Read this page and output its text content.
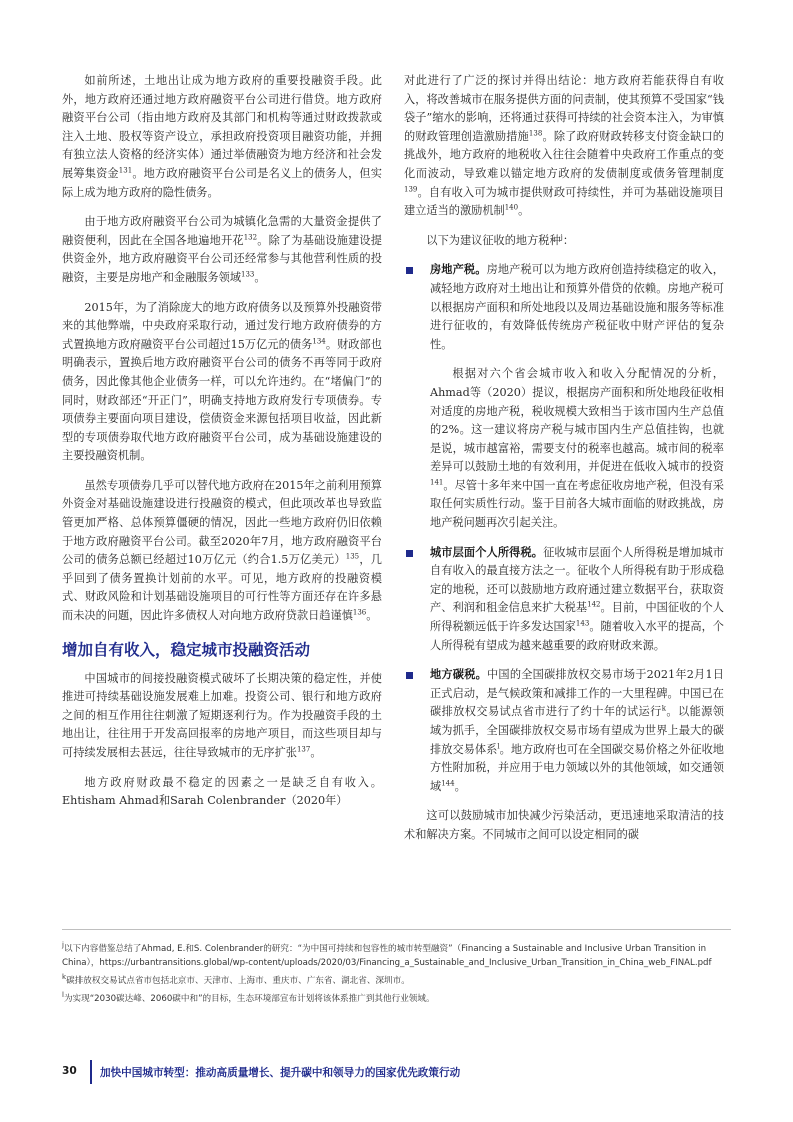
如前所述，土地出让成为地方政府的重要投融资手段。此外，地方政府还通过地方政府融资平台公司进行借贷。地方政府融资平台公司（指由地方政府及其部门和机构等通过财政拨款或注入土地、股权等资产设立，承担政府投资项目融资功能，并拥有独立法人资格的经济实体）通过举债融资为地方经济和社会发展筹集资金$^{131}$。地方政府融资平台公司是名义上的债务人，但实际上成为地方政府的隐性债务。

由于地方政府融资平台公司为城镇化急需的大量资金提供了融资便利，因此在全国各地遍地开花$^{132}$。除了为基础设施建设提供资金外，地方政府融资平台公司还经常参与其他营利性质的投融资，主要是房地产和金融服务领域$^{133}$。

2015年，为了消除庞大的地方政府债务以及预算外投融资带来的其他弊端，中央政府采取行动，通过发行地方政府债券的方式置换地方政府融资平台公司超过15万亿元的债务$^{134}$。财政部也明确表示，置换后地方政府融资平台公司的债务不再等同于政府债务，因此像其他企业债务一样，可以允许违约。在“堵偏门”的同时，财政部还“开正门”，明确支持地方政府发行专项债券。专项债券主要面向项目建设，偿债资金来源包括项目收益，因此新型的专项债券取代地方政府融资平台公司，成为基础设施建设的主要投融资机制。

虽然专项债券几乎可以替代地方政府在2015年之前利用预算外资金对基础设施建设进行投融资的模式，但此项改革也导致监管更加严格、总体预算僵硬的情况，因此一些地方政府仍旧依赖于地方政府融资平台公司。截至2020年7月，地方政府融资平台公司的债务总额已经超过10万亿元（约合1.5万亿美元）$^{135}$，几乎回到了债务置换计划前的水平。可见，地方政府的投融资模式、财政风险和计划基础设施项目的可行性等方面还存在许多悬而未决的问题，因此许多债权人对向地方政府贷款日趋谨慎$^{136}$。

增加自有收入，稳定城市投融资活动

中国城市的间接投融资模式破坏了长期决策的稳定性，并使推进可持续基础设施发展难上加难。投资公司、银行和地方政府之间的相互作用往往刺激了短期逐利行为。作为投融资手段的土地出让，往往用于开发高回报率的房地产项目，而这些项目却与可持续发展相去甚远，往往导致城市的无序扩张$^{137}$。

地方政府财政最不稳定的因素之一是缺乏自有收入。Ehtisham Ahmad和Sarah Colenbrander（2020年）

对此进行了广泛的探讨并得出结论：地方政府若能获得自有收入，将改善城市在服务提供方面的问责制，使其预算不受国家“钱袋子”缩水的影响，还将通过获得可持续的社会资本注入，为审慎的财政管理创造激励措施$^{138}$。除了政府财政转移支付资金缺口的挑战外，地方政府的地税收入往往会随着中央政府工作重点的变化而波动，导致难以锚定地方政府的发债制度或债务管理制度$^{139}$。自有收入可为城市提供财政可持续性，并可为基础设施项目建立适当的激励机制$^{140}$。

以下为建议征收的地方税种$^j$：

房地产税。房地产税可以为地方政府创造持续稳定的收入，减轻地方政府对土地出让和预算外借贷的依赖。房地产税可以根据房产面积和所处地段以及周边基础设施和服务等标准进行征收的，有效降低传统房产税征收中财产评估的复杂性。

根据对六个省会城市收入和收入分配情况的分析，Ahmad等（2020）提议，根据房产面积和所处地段征收相对适度的房地产税，税收规模大致相当于该市国内生产总值的2%。这一建议将房产税与城市国内生产总值挂钩，也就是说，城市越富裕，需要支付的税率也越高。城市间的税率差异可以鼓励土地的有效利用，并促进在低收入城市的投资$^{141}$。尽管十多年来中国一直在考虑征收房地产税，但没有采取任何实质性行动。鉴于目前各大城市面临的财政挑战，房地产税问题再次引起关注。

城市层面个人所得税。征收城市层面个人所得税是增加城市自有收入的最直接方法之一。征收个人所得税有助于形成稳定的地税，还可以鼓励地方政府通过建立数据平台，获取资产、利润和租金信息来扩大税基$^{142}$。目前，中国征收的个人所得税额远低于许多发达国家$^{143}$。随着收入水平的提高，个人所得税有望成为越来越重要的政府财政来源。

地方碳税。中国的全国碳排放权交易市场于2021年2月1日正式启动，是气候政策和减排工作的一大里程碑。中国已在碳排放权交易试点省市进行了约十年的试运行$^k$。以能源领域为抓手，全国碳排放权交易市场有望成为世界上最大的碳排放交易体系$^l$。地方政府也可在全国碳交易价格之外征收地方性附加税，并应用于电力领域以外的其他领域，如交通领域$^{144}$。

这可以鼓励城市加快减少污染活动，更迅速地采取清洁的技术和解决方案。不同城市之间可以设定相同的碳

$^j$以下内容借鉴总结了Ahmad, E.和S. Colenbrander的研究：“为中国可持续和包容性的城市转型融资”（Financing a Sustainable and Inclusive Urban Transition in China），https://urbantransitions.global/wp-content/uploads/2020/03/Financing_a_Sustainable_and_Inclusive_Urban_Transition_in_China_web_FINAL.pdf
$^k$碳排放权交易试点省市包括北京市、天津市、上海市、重庆市、广东省、湖北省、深圳市。
$^l$为实现“2030碳达峰、2060碳中和”的目标，生态环境部宣布计划将该体系推广到其他行业领域。
30 加快中国城市转型：推动高质量增长、提升碳中和领导力的国家优先政策行动
